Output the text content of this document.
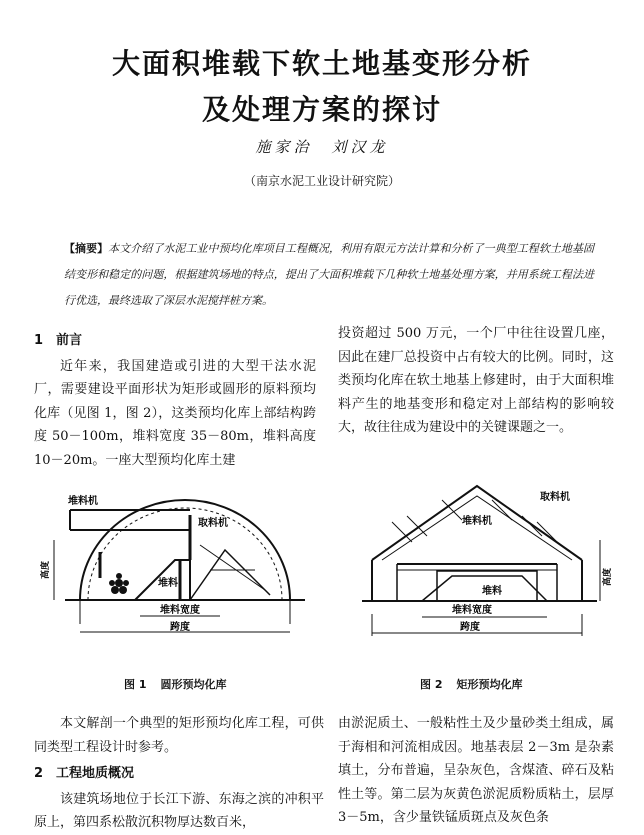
大面积堆载下软土地基变形分析
及处理方案的探讨
施家治　刘汉龙
（南京水泥工业设计研究院）
【摘要】本文介绍了水泥工业中预均化库项目工程概况，利用有限元方法计算和分析了一典型工程软土地基固结变形和稳定的问题，根据建筑场地的特点，提出了大面积堆载下几种软土地基处理方案，并用系统工程法进行优选，最终选取了深层水泥搅拌桩方案。
1　前言

近年来，我国建造或引进的大型干法水泥厂，需要建设平面形状为矩形或圆形的原料预均化库（见图 1，图 2），这类预均化库上部结构跨度 50－100m，堆料宽度 35－80m，堆料高度 10－20m。一座大型预均化库土建

投资超过 500 万元，一个厂中往往设置几座，因此在建厂总投资中占有较大的比例。同时，这类预均化库在软土地基上修建时，由于大面积堆料产生的地基变形和稳定对上部结构的影响较大，故往往成为建设中的关键课题之一。

堆料机
取料机
高度
堆料
堆料宽度
跨度
堆料机
取料机
高度
堆料
堆料宽度
跨度
图 1 圆形预均化库	图 2 矩形预均化库

本文解剖一个典型的矩形预均化库工程，可供同类型工程设计时参考。

2　工程地质概况

该建筑场地位于长江下游、东海之滨的冲积平原上，第四系松散沉积物厚达数百米，

由淤泥质土、一般粘性土及少量砂类土组成，属于海相和河流相成因。地基表层 2－3m 是杂素填土，分布普遍，呈杂灰色，含煤渣、碎石及粘性土等。第二层为灰黄色淤泥质粉质粘土，层厚 3－5m，含少量铁锰质斑点及灰色条
